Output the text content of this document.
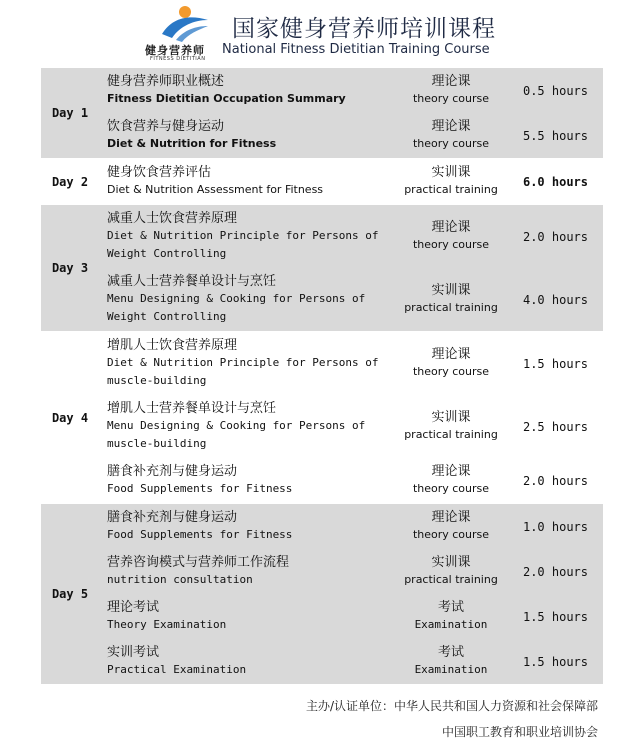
健身营养师
FITNESS DIETITIAN
国家健身营养师培训课程
National Fitness Dietitian Training Course
Day 1
健身营养师职业概述
Fitness Dietitian Occupation Summary
理论课
theory course
0.5 hours
饮食营养与健身运动
Diet & Nutrition for Fitness
理论课
theory course
5.5 hours
Day 2
健身饮食营养评估
Diet & Nutrition Assessment for Fitness
实训课
practical training
6.0 hours
Day 3
减重人士饮食营养原理
Diet & Nutrition Principle for Persons of Weight Controlling
理论课
theory course
2.0 hours
减重人士营养餐单设计与烹饪
Menu Designing & Cooking for Persons of Weight Controlling
实训课
practical training
4.0 hours
Day 4
增肌人士饮食营养原理
Diet & Nutrition Principle for Persons of muscle-building
理论课
theory course
1.5 hours
增肌人士营养餐单设计与烹饪
Menu Designing & Cooking for Persons of muscle-building
实训课
practical training
2.5 hours
膳食补充剂与健身运动
Food Supplements for Fitness
理论课
theory course
2.0 hours
Day 5
膳食补充剂与健身运动
Food Supplements for Fitness
理论课
theory course
1.0 hours
营养咨询模式与营养师工作流程
nutrition consultation
实训课
practical training
2.0 hours
理论考试
Theory Examination
考试
Examination
1.5 hours
实训考试
Practical Examination
考试
Examination
1.5 hours
主办/认证单位：中华人民共和国人力资源和社会保障部
中国职工教育和职业培训协会
